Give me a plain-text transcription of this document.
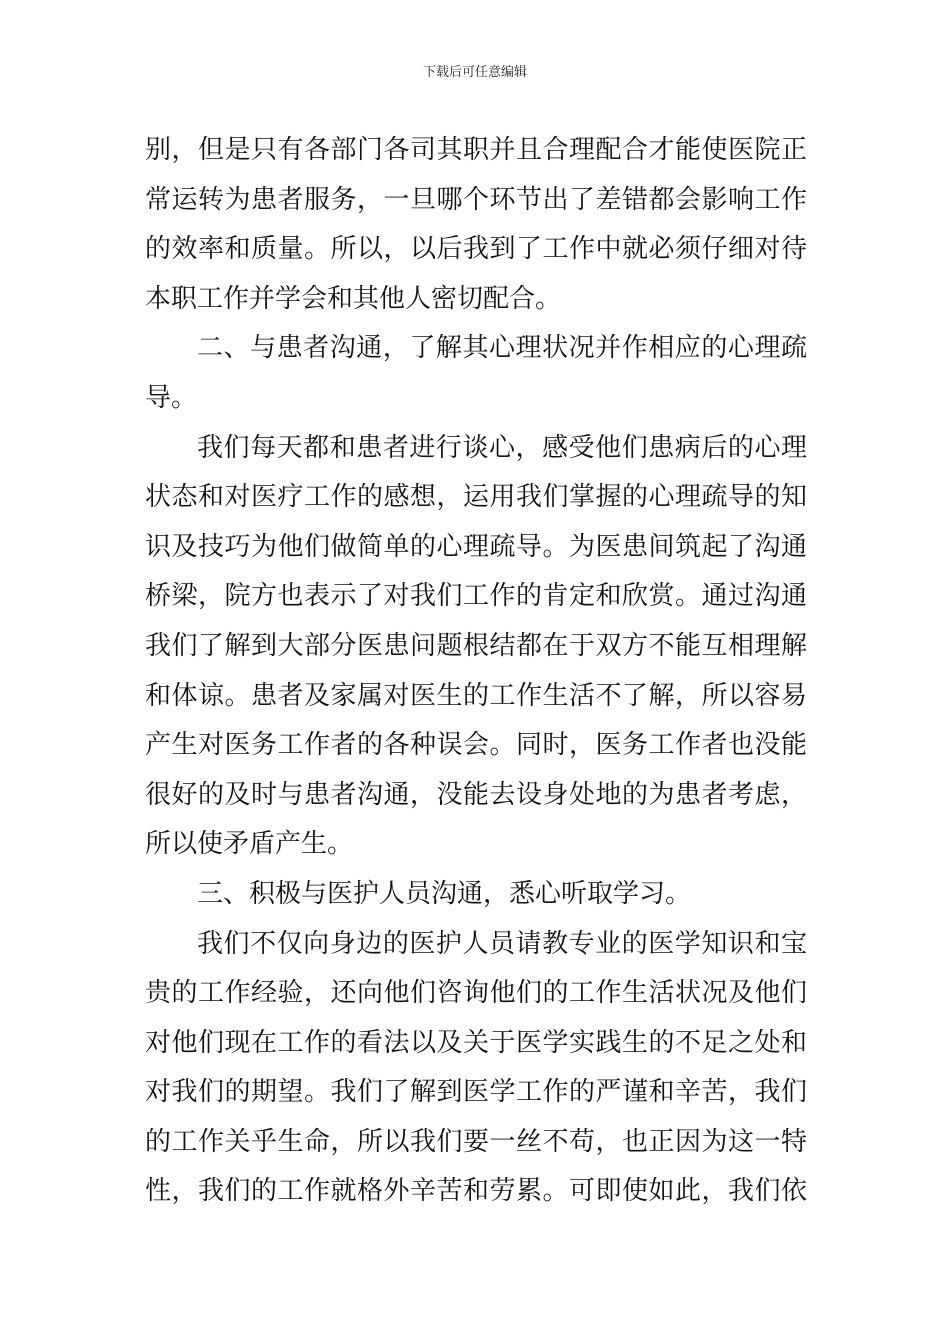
下载后可任意编辑
别，但是只有各部门各司其职并且合理配合才能使医院正
常运转为患者服务，一旦哪个环节出了差错都会影响工作
的效率和质量。所以，以后我到了工作中就必须仔细对待
本职工作并学会和其他人密切配合。
二、与患者沟通，了解其心理状况并作相应的心理疏
导。
我们每天都和患者进行谈心，感受他们患病后的心理
状态和对医疗工作的感想，运用我们掌握的心理疏导的知
识及技巧为他们做简单的心理疏导。为医患间筑起了沟通
桥梁，院方也表示了对我们工作的肯定和欣赏。通过沟通
我们了解到大部分医患问题根结都在于双方不能互相理解
和体谅。患者及家属对医生的工作生活不了解，所以容易
产生对医务工作者的各种误会。同时，医务工作者也没能
很好的及时与患者沟通，没能去设身处地的为患者考虑，
所以使矛盾产生。
三、积极与医护人员沟通，悉心听取学习。
我们不仅向身边的医护人员请教专业的医学知识和宝
贵的工作经验，还向他们咨询他们的工作生活状况及他们
对他们现在工作的看法以及关于医学实践生的不足之处和
对我们的期望。我们了解到医学工作的严谨和辛苦，我们
的工作关乎生命，所以我们要一丝不苟，也正因为这一特
性，我们的工作就格外辛苦和劳累。可即使如此，我们依
